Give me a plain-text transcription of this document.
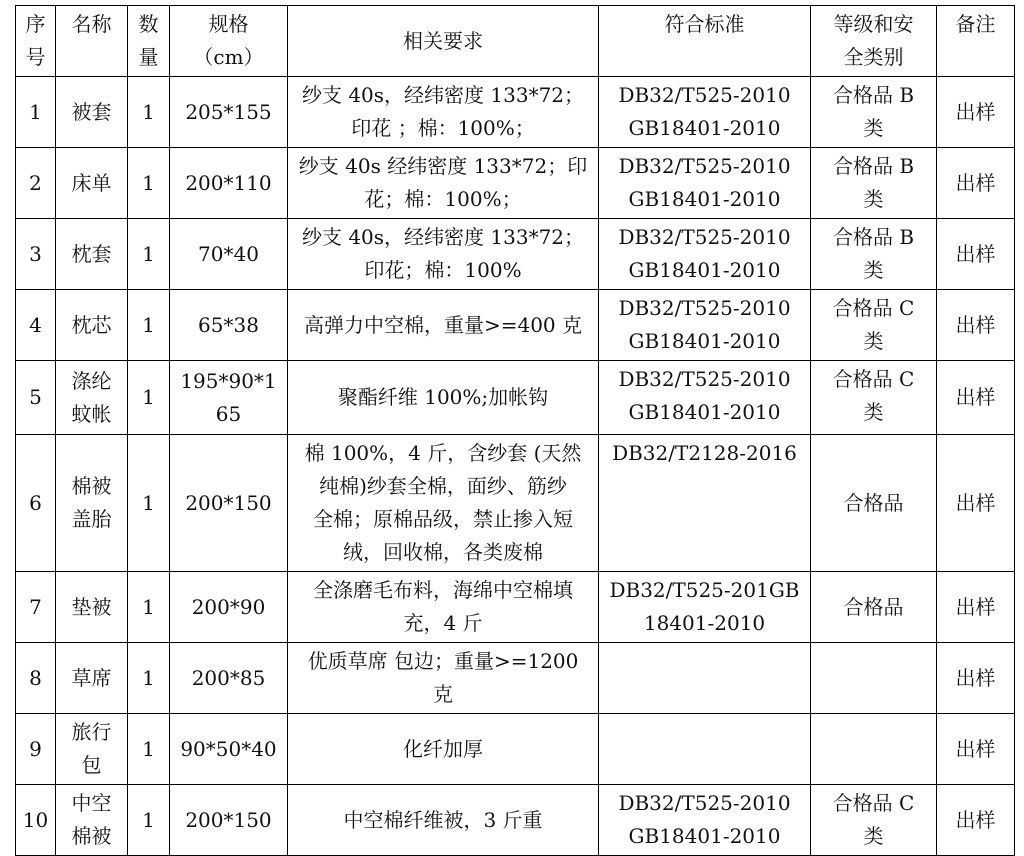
序
号	名称	数
量	规格
（cm）	相关要求	符合标准	等级和安
全类别	备注
1	被套	1	205*155	纱支 40s，经纬密度 133*72；
印花 ；棉：100%；	DB32/T525-2010
GB18401-2010	合格品 B
类	出样
2	床单	1	200*110	纱支 40s 经纬密度 133*72；印
花；棉：100%；	DB32/T525-2010
GB18401-2010	合格品 B
类	出样
3	枕套	1	70*40	纱支 40s，经纬密度 133*72；
印花；棉：100%	DB32/T525-2010
GB18401-2010	合格品 B
类	出样
4	枕芯	1	65*38	高弹力中空棉，重量>=400 克	DB32/T525-2010
GB18401-2010	合格品 C
类	出样
5	涤纶
蚊帐	1	195*90*1
65	聚酯纤维 100%;加帐钩	DB32/T525-2010
GB18401-2010	合格品 C
类	出样
6	棉被
盖胎	1	200*150	棉 100%，4 斤，含纱套 (天然
纯棉)纱套全棉，面纱、筋纱
全棉；原棉品级，禁止掺入短
绒，回收棉，各类废棉	DB32/T2128-2016	合格品	出样
7	垫被	1	200*90	全涤磨毛布料，海绵中空棉填
充，4 斤	DB32/T525-201GB
18401-2010	合格品	出样
8	草席	1	200*85	优质草席 包边；重量>=1200
克			出样
9	旅行
包	1	90*50*40	化纤加厚			出样
10	中空
棉被	1	200*150	中空棉纤维被，3 斤重	DB32/T525-2010
GB18401-2010	合格品 C
类	出样
